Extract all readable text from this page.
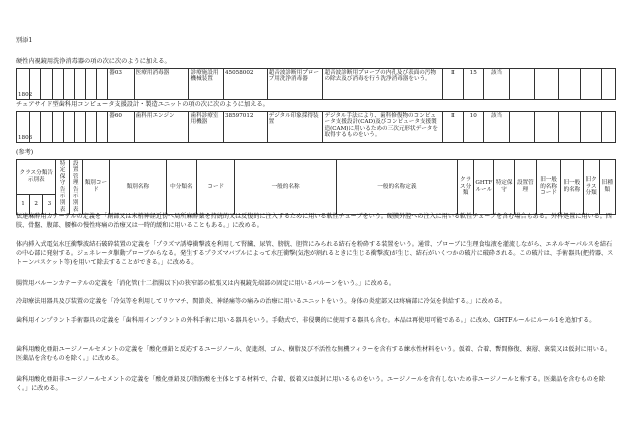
別添1
硬性内視鏡用洗浄消毒器の項の次に次のように加える。
1802								器03	医療用消毒器	診療施設用機械装置	45058002	超音波診断用プローブ用洗浄消毒器	超音波診断用プローブの内孔及び表面の汚物の除去及び消毒を行う洗浄消毒器をいう。	Ⅱ	15	該当					
チェアサイド型歯科用コンピュータ支援設計・製造ユニットの項の次に次のように加える。
1803								器60	歯科用エンジン	歯科診療室用機器	38597012	デジタル印象採得装置	デジタル手法により、歯科修復物のコンピュータ支援設計(CAD)及びコンピュータ支援製造(CAM)に用いるための三次元形状データを取得するものをいう。	Ⅱ	10	該当					
(参考)
クラス分類告示別表			特定保守告示別表	設置管理告示別表	類別コード	類別名称	中分類名	コード	一般的名称	一般的名称定義	クラス分類	GHTFルール	特定保守	設置管理	旧一般的名称コード	旧一般的名称	旧クラス分類	旧種類
1	2	3																
伝達麻酔用カテーテルの定義を「創部又は末梢神経近傍へ局所麻酔薬を持続的又は反復的に注入するために用いる軟性チューブをいう。硬膜外腔への注入に用いる軟性チューブを含む場合もある。外科処置に用いる。四肢、骨盤、腹部、腰椎の慢性疼痛の治療又は一時的緩和に用いることもある。」に改める。
体内挿入式電気水圧衝撃波結石破砕装置の定義を「プラズマ誘導衝撃波を利用して腎臓、尿管、膀胱、胆管にみられる結石を粉砕する装置をいう。通常、プローブに生理食塩液を灌流しながら、エネルギーパルスを結石の中心部に発射する。ジェネレータ駆動プローブからなる。発生するプラズマバブルによって水圧衝撃(気泡が割れるときに生じる衝撃波)が生じ、結石がいくつかの破片に破砕される。この破片は、手術器具(把持器、ストーンバスケット等)を用いて除去することができる。」に改める。
腸管用バルーンカテーテルの定義を「消化管(十二指腸以下)の狭窄部の拡張又は内視鏡先端部の固定に用いるバルーンをいう。」に改める。
冷却療法用器具及び装置の定義を「冷気等を利用してリウマチ、関節炎、神経痛等の痛みの治療に用いるユニットをいう。身体の炎症部又は疼痛部に冷気を供給する。」に改める。
歯科用インプラント手術器具の定義を「歯科用インプラントの外科手術に用いる器具をいう。手動式で、非侵襲的に使用する器具も含む。本品は再使用可能である。」に改め、GHTFルールにルール1を追加する。
歯科用酸化亜鉛ユージノールセメントの定義を「酸化亜鉛と反応するユージノール、促進剤、ゴム、樹脂及び不活性な無機フィラーを含有する練水性材料をいう。仮着、合着、暫間修復、裏層、裏装又は仮封に用いる。医薬品を含むものを除く。」に改める。
歯科用酸化亜鉛非ユージノールセメントの定義を「酸化亜鉛及び脂肪酸を主体とする材料で、合着、仮着又は仮封に用いるものをいう。ユージノールを含有しないため非ユージノールと称する。医薬品を含むものを除く。」に改める。
